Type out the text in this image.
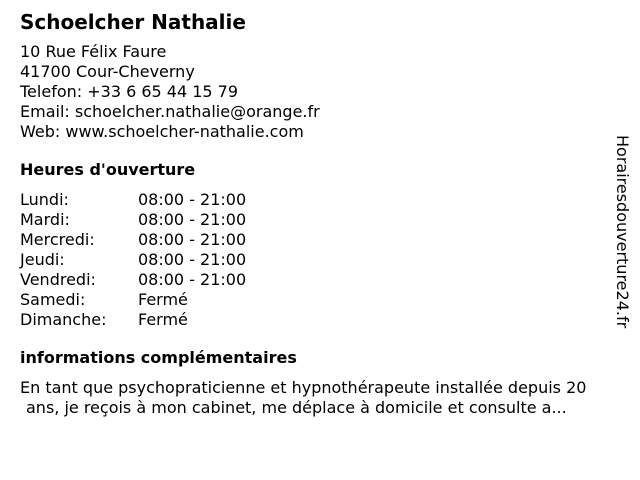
Schoelcher Nathalie
10 Rue Félix Faure
41700 Cour-Cheverny
Telefon: +33 6 65 44 15 79
Email: schoelcher.nathalie@orange.fr
Web: www.schoelcher-nathalie.com
Heures d'ouverture
Lundi:	08:00 - 21:00
Mardi:	08:00 - 21:00
Mercredi:	08:00 - 21:00
Jeudi:	08:00 - 21:00
Vendredi:	08:00 - 21:00
Samedi:	Fermé
Dimanche:	Fermé
informations complémentaires
En tant que psychopraticienne et hypnothérapeute installée depuis 20
ans, je reçois à mon cabinet, me déplace à domicile et consulte a...
Horairesdouverture24.fr
